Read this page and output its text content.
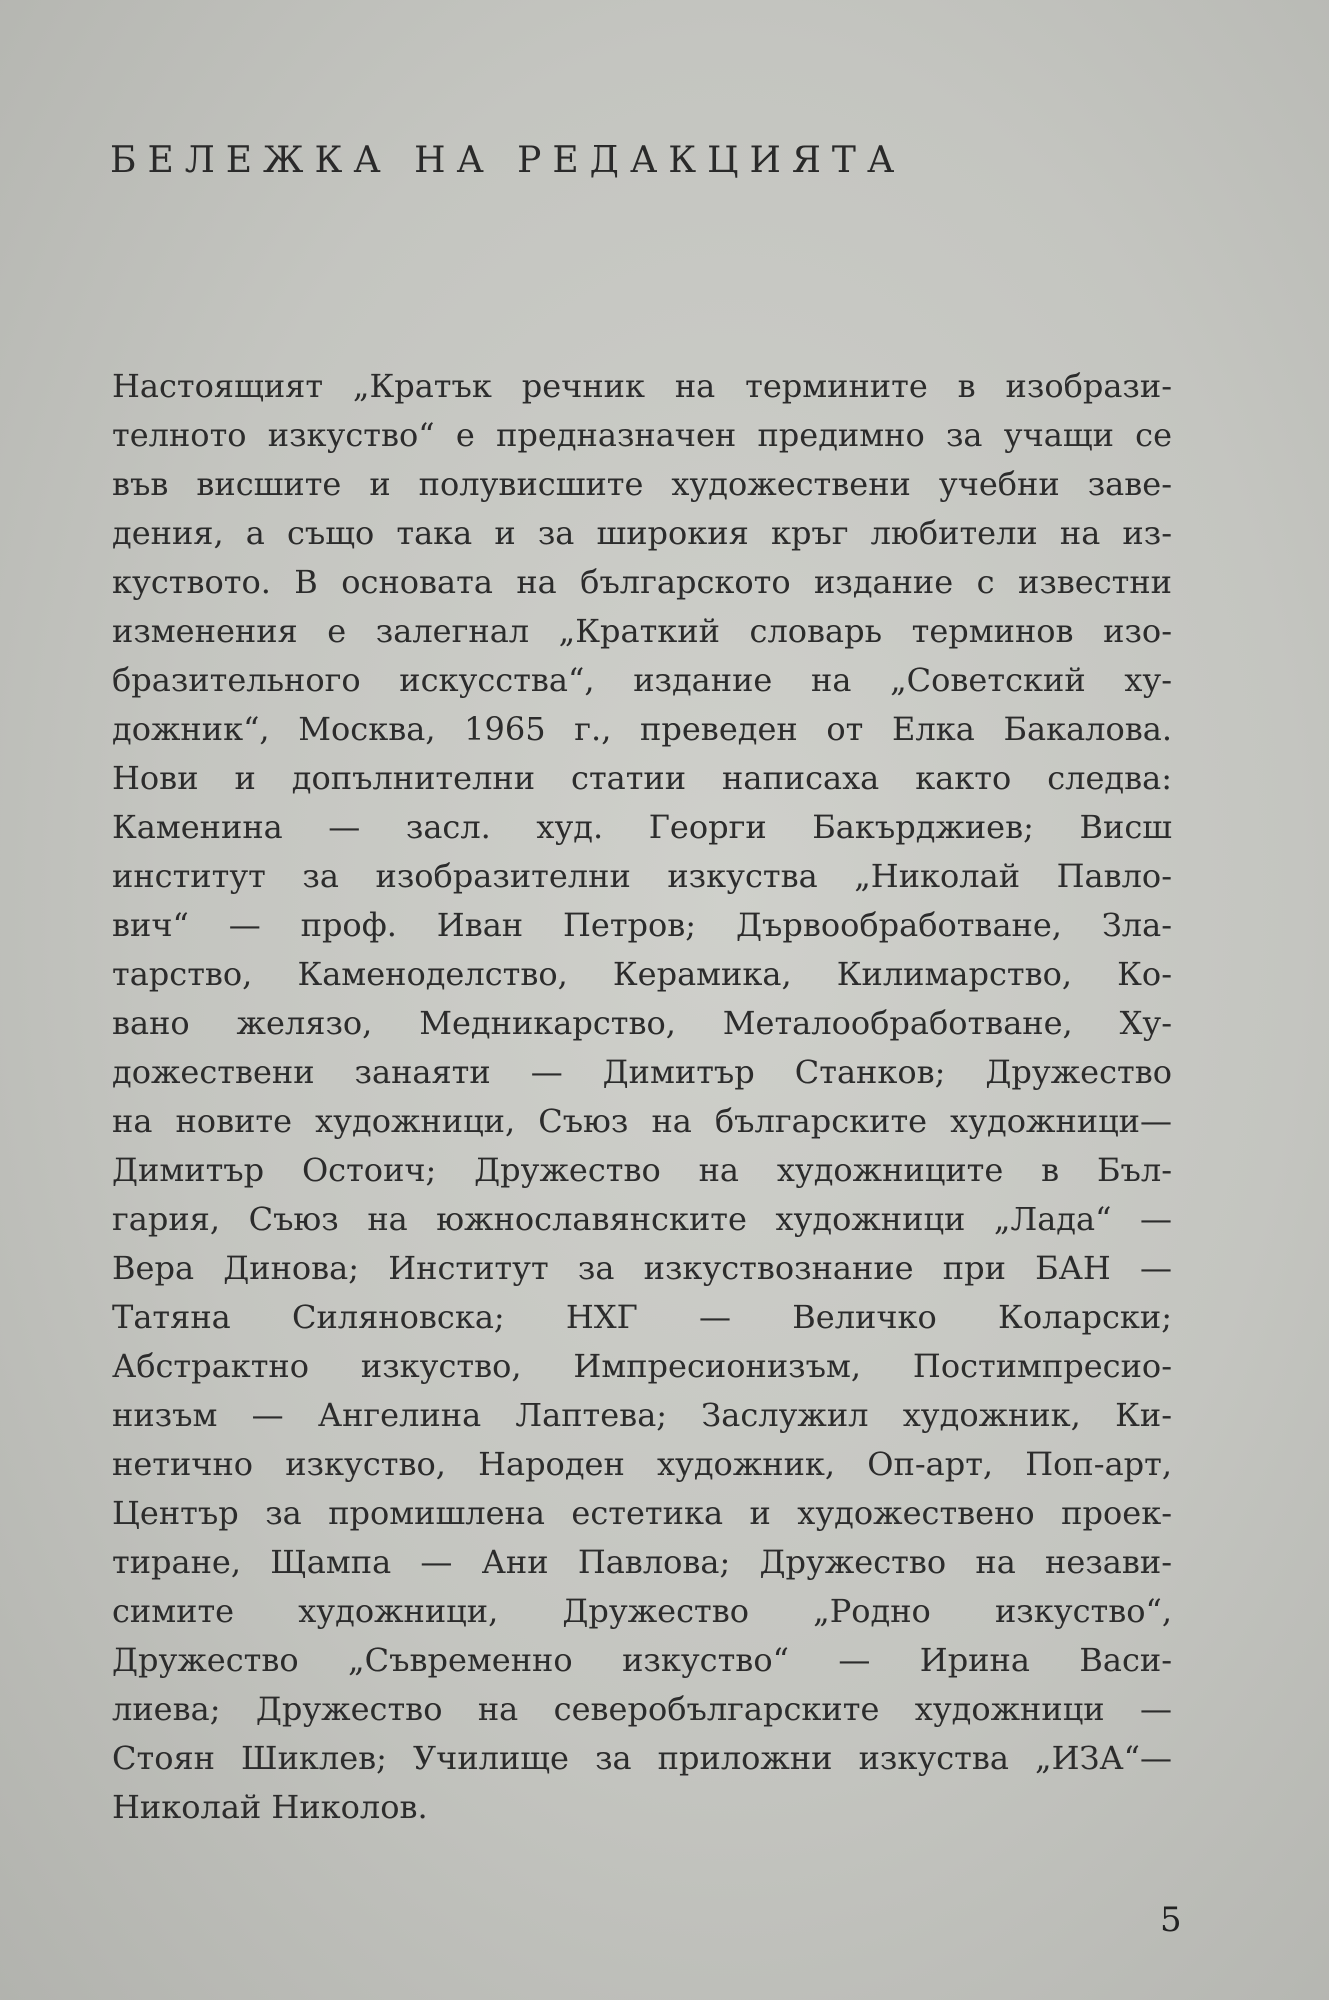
БЕЛЕЖКА НА РЕДАКЦИЯТА
Настоящият „Кратък речник на термините в изобрази-
телното изкуство“ е предназначен предимно за учащи се
във висшите и полувисшите художествени учебни заве-
дения, а също така и за широкия кръг любители на из-
куството. В основата на българското издание с известни
изменения е залегнал „Краткий словарь терминов изо-
бразительного искусства“, издание на „Советский ху-
дожник“, Москва, 1965 г., преведен от Елка Бакалова.
Нови и допълнителни статии написаха както следва:
Каменина — засл. худ. Георги Бакърджиев; Висш
институт за изобразителни изкуства „Николай Павло-
вич“ — проф. Иван Петров; Дървообработване, Зла-
тарство, Каменоделство, Керамика, Килимарство, Ко-
вано желязо, Медникарство, Металообработване, Ху-
дожествени занаяти — Димитър Станков; Дружество
на новите художници, Съюз на българските художници—
Димитър Остоич; Дружество на художниците в Бъл-
гария, Съюз на южнославянските художници „Лада“ —
Вера Динова; Институт за изкуствознание при БАН —
Татяна Силяновска; НХГ — Величко Коларски;
Абстрактно изкуство, Импресионизъм, Постимпресио-
низъм — Ангелина Лаптева; Заслужил художник, Ки-
нетично изкуство, Народен художник, Оп-арт, Поп-арт,
Център за промишлена естетика и художествено проек-
тиране, Щампа — Ани Павлова; Дружество на незави-
симите художници, Дружество „Родно изкуство“,
Дружество „Съвременно изкуство“ — Ирина Васи-
лиева; Дружество на северобългарските художници —
Стоян Шиклев; Училище за приложни изкуства „ИЗА“—
Николай Николов.
5
